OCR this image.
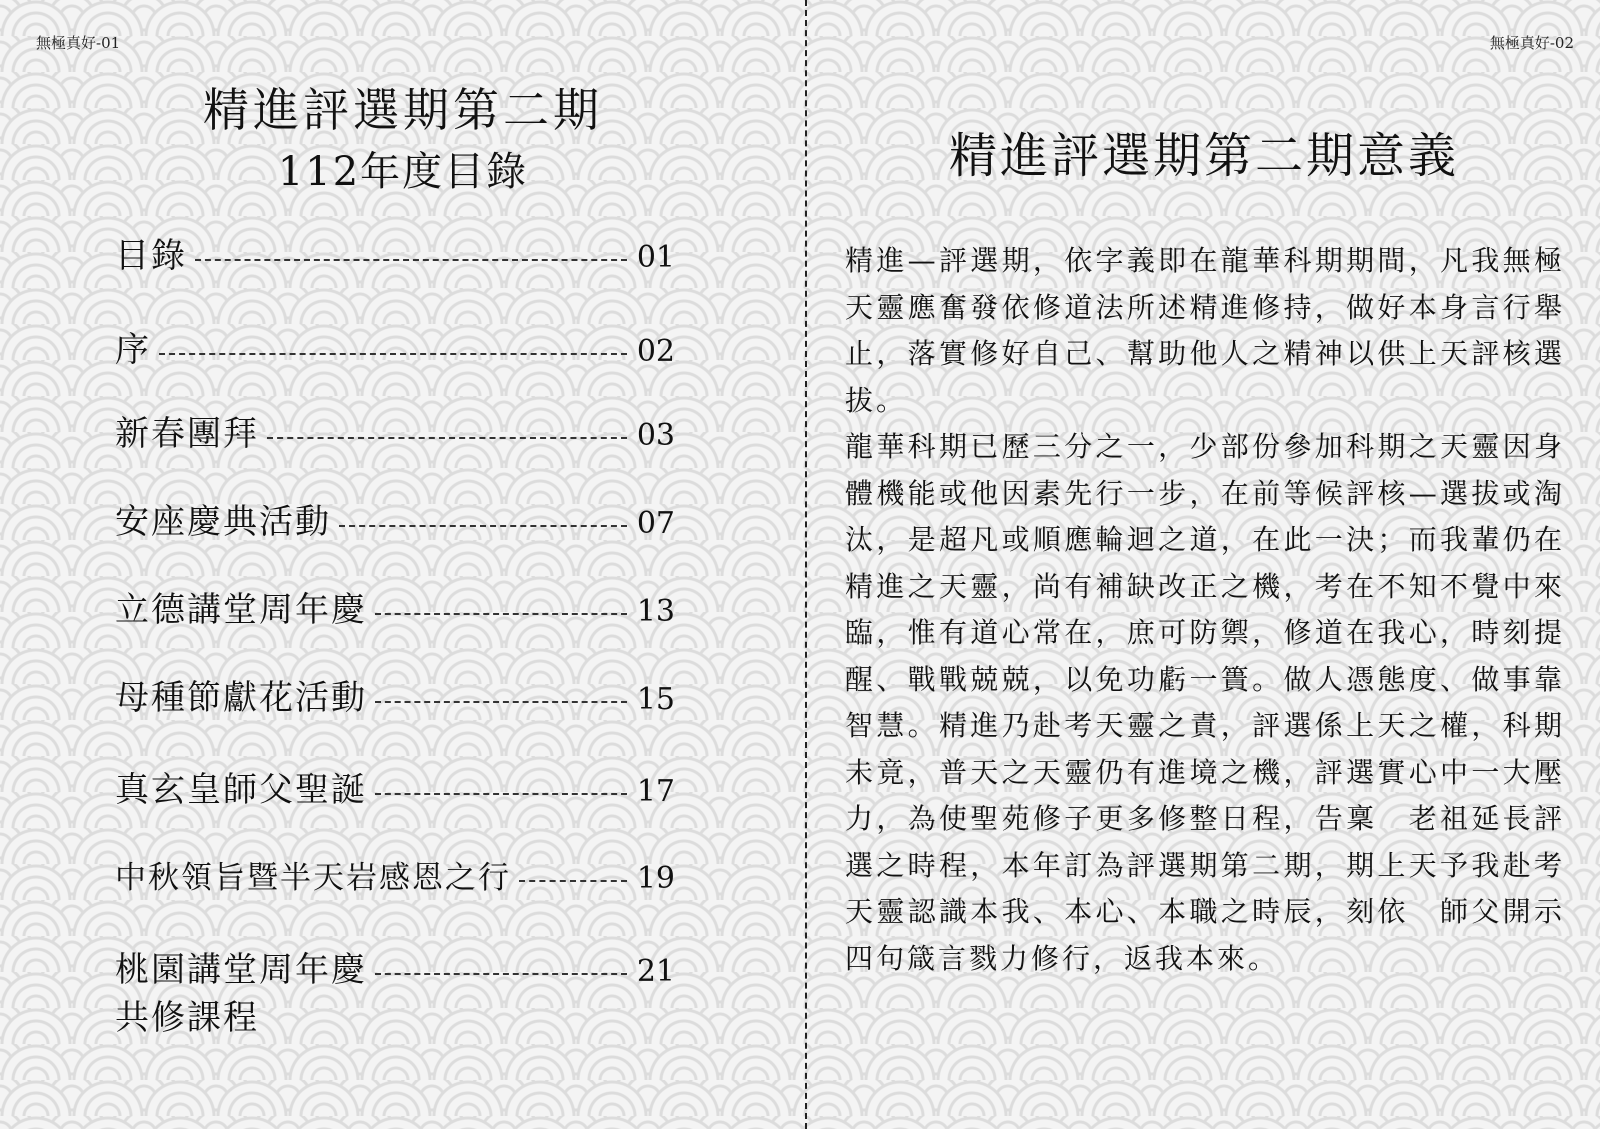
無極真好-01
精進評選期第二期
112年度目錄
目錄	01
序	02
新春團拜	03
安座慶典活動	07
立德講堂周年慶	13
母種節獻花活動	15
真玄皇師父聖誕	17
中秋領旨暨半天岩感恩之行	19
桃園講堂周年慶	21
共修課程
無極真好-02
精進評選期第二期意義

精進—評選期，依字義即在龍華科期期間，凡我無極天靈應奮發依修道法所述精進修持，做好本身言行舉止，落實修好自己、幫助他人之精神以供上天評核選拔。

龍華科期已歷三分之一，少部份參加科期之天靈因身體機能或他因素先行一步，在前等候評核—選拔或淘汰，是超凡或順應輪迴之道，在此一決；而我輩仍在精進之天靈，尚有補缺改正之機，考在不知不覺中來臨，惟有道心常在，庶可防禦，修道在我心，時刻提醒、戰戰兢兢，以免功虧一簣。做人憑態度、做事靠智慧。精進乃赴考天靈之責，評選係上天之權，科期未竟，普天之天靈仍有進境之機，評選實心中一大壓力，為使聖苑修子更多修整日程，告稟　老祖延長評選之時程，本年訂為評選期第二期，期上天予我赴考天靈認識本我、本心、本職之時辰，刻依　師父開示四句箴言戮力修行，返我本來。
